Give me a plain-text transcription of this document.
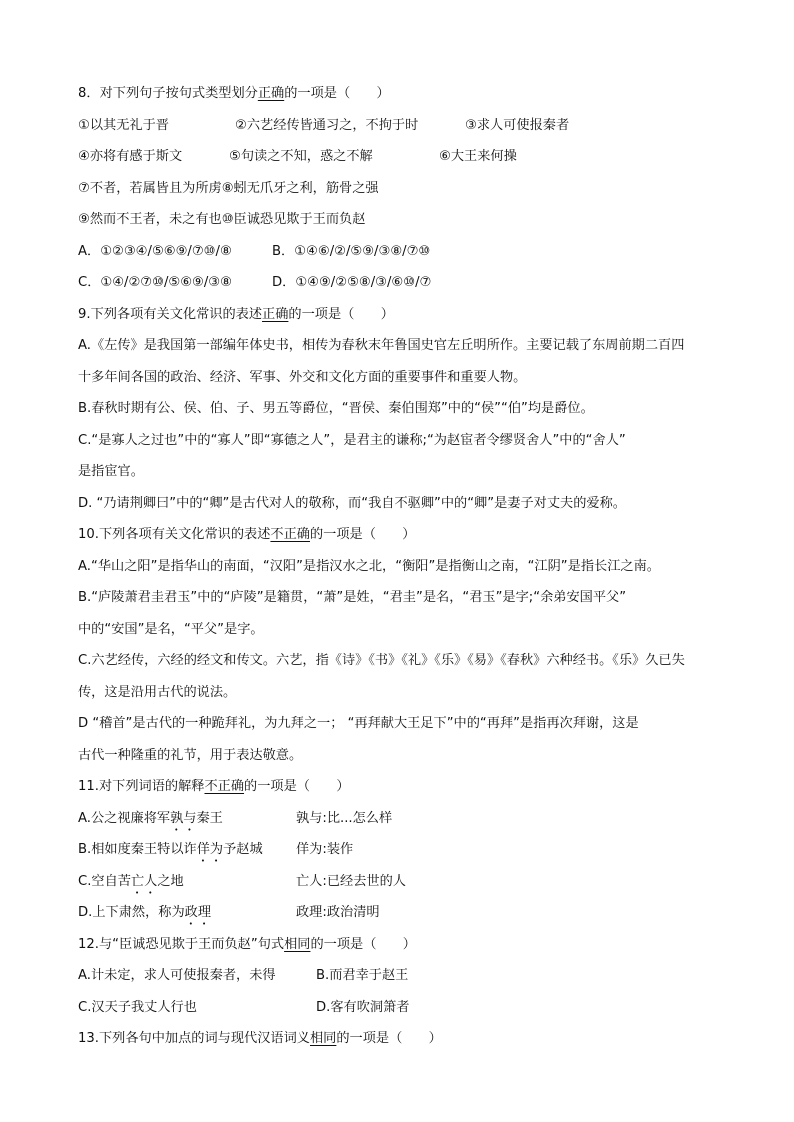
8．对下列句子按句式类型划分正确的一项是（　　）
①以其无礼于晋	②六艺经传皆通习之，不拘于时	③求人可使报秦者
④亦将有感于斯文	⑤句读之不知，惑之不解	⑥大王来何操
⑦不者，若属皆且为所虏⑧蚓无爪牙之利，筋骨之强
⑨然而不王者，未之有也⑩臣诚恐见欺于王而负赵
A．①②③④/⑤⑥⑨/⑦⑩/⑧	B．①④⑥/②/⑤⑨/③⑧/⑦⑩
C．①④/②⑦⑩/⑤⑥⑨/③⑧	D．①④⑨/②⑤⑧/③/⑥⑩/⑦
9.下列各项有关文化常识的表述正确的一项是（　　）
A.《左传》是我国第一部编年体史书，相传为春秋末年鲁国史官左丘明所作。主要记载了东周前期二百四
十多年间各国的政治、经济、军事、外交和文化方面的重要事件和重要人物。
B.春秋时期有公、侯、伯、子、男五等爵位，“晋侯、秦伯围郑”中的“侯”“伯”均是爵位。
C.“是寡人之过也”中的“寡人”即“寡德之人”，是君主的谦称;“为赵宦者令缪贤舍人”中的“舍人”
是指宦官。
D. “乃请荆卿曰”中的“卿”是古代对人的敬称，而“我自不驱卿”中的“卿”是妻子对丈夫的爱称。
10.下列各项有关文化常识的表述不正确的一项是（　　）
A.“华山之阳”是指华山的南面，“汉阳”是指汉水之北，“衡阳”是指衡山之南，“江阴”是指长江之南。
B.“庐陵萧君圭君玉”中的“庐陵”是籍贯，“萧”是姓，“君圭”是名，“君玉”是字;“余弟安国平父”
中的“安国”是名，“平父”是字。
C.六艺经传，六经的经文和传文。六艺，指《诗》《书》《礼》《乐》《易》《春秋》六种经书。《乐》久已失
传，这是沿用古代的说法。
D “稽首”是古代的一种跪拜礼，为九拜之一； “再拜献大王足下”中的“再拜”是指再次拜谢，这是
古代一种隆重的礼节，用于表达敬意。
11.对下列词语的解释不正确的一项是（　　）
A.公之视廉将军孰与秦王	孰与:比...怎么样
B.相如度秦王特以诈佯为予赵城	佯为:装作
C.空自苦亡人之地	亡人:已经去世的人
D.上下肃然，称为政理	政理:政治清明
12.与“臣诚恐见欺于王而负赵”句式相同的一项是（　　）
A.计未定，求人可使报秦者，未得	B.而君幸于赵王
C.汉天子我丈人行也	D.客有吹洞箫者
13.下列各句中加点的词与现代汉语词义相同的一项是（　　）
